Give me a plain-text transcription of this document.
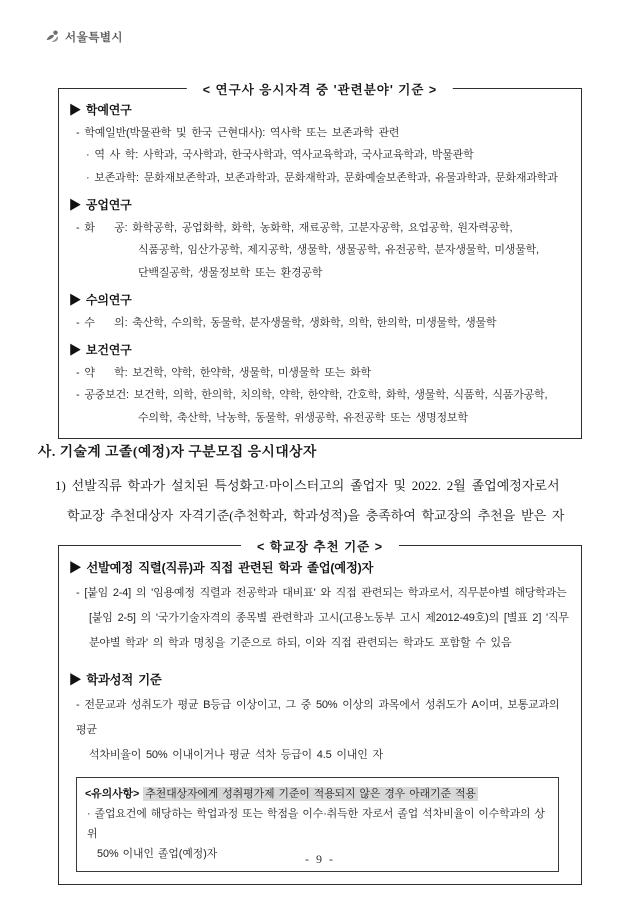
서울특별시
< 연구사 응시자격 중 '관련분야' 기준 >
▶ 학예연구
- 학예일반(박물관학 및 한국 근현대사): 역사학 또는 보존과학 관련
· 역 사 학: 사학과, 국사학과, 한국사학과, 역사교육학과, 국사교육학과, 박물관학
· 보존과학: 문화재보존학과, 보존과학과, 문화재학과, 문화예술보존학과, 유물과학과, 문화재과학과
▶ 공업연구
- 화    공: 화학공학, 공업화학, 화학, 농화학, 재료공학, 고분자공학, 요업공학, 원자력공학,
식품공학, 임산가공학, 제지공학, 생물학, 생물공학, 유전공학, 분자생물학, 미생물학,
단백질공학, 생물정보학 또는 환경공학
▶ 수의연구
- 수    의: 축산학, 수의학, 동물학, 분자생물학, 생화학, 의학, 한의학, 미생물학, 생물학
▶ 보건연구
- 약    학: 보건학, 약학, 한약학, 생물학, 미생물학 또는 화학
- 공중보건: 보건학, 의학, 한의학, 치의학, 약학, 한약학, 간호학, 화학, 생물학, 식품학, 식품가공학,
수의학, 축산학, 낙농학, 동물학, 위생공학, 유전공학 또는 생명정보학
사. 기술계 고졸(예정)자 구분모집 응시대상자
1) 선발직류 학과가 설치된 특성화고·마이스터고의 졸업자 및 2022. 2월 졸업예정자로서
학교장 추천대상자 자격기준(추천학과, 학과성적)을 충족하여 학교장의 추천을 받은 자
< 학교장 추천 기준 >
▶ 선발예정 직렬(직류)과 직접 관련된 학과 졸업(예정)자
- [붙임 2-4] 의 '임용예정 직렬과 전공학과 대비표' 와 직접 관련되는 학과로서, 직무분야별 해당학과는
[붙임 2-5] 의 '국가기술자격의 종목별 관련학과 고시(고용노동부 고시 제2012-49호)의 [별표 2] '직무
분야별 학과' 의 학과 명칭을 기준으로 하되, 이와 직접 관련되는 학과도 포함할 수 있음
▶ 학과성적 기준
- 전문교과 성취도가 평균 B등급 이상이고, 그 중 50% 이상의 과목에서 성취도가 A이며, 보통교과의 평균
석차비율이 50% 이내이거나 평균 석차 등급이 4.5 이내인 자
<유의사항> 추천대상자에게 성취평가제 기준이 적용되지 않은 경우 아래기준 적용
· 졸업요건에 해당하는 학업과정 또는 학점을 이수·취득한 자로서 졸업 석차비율이 이수학과의 상위
50% 이내인 졸업(예정)자	- 9 -
